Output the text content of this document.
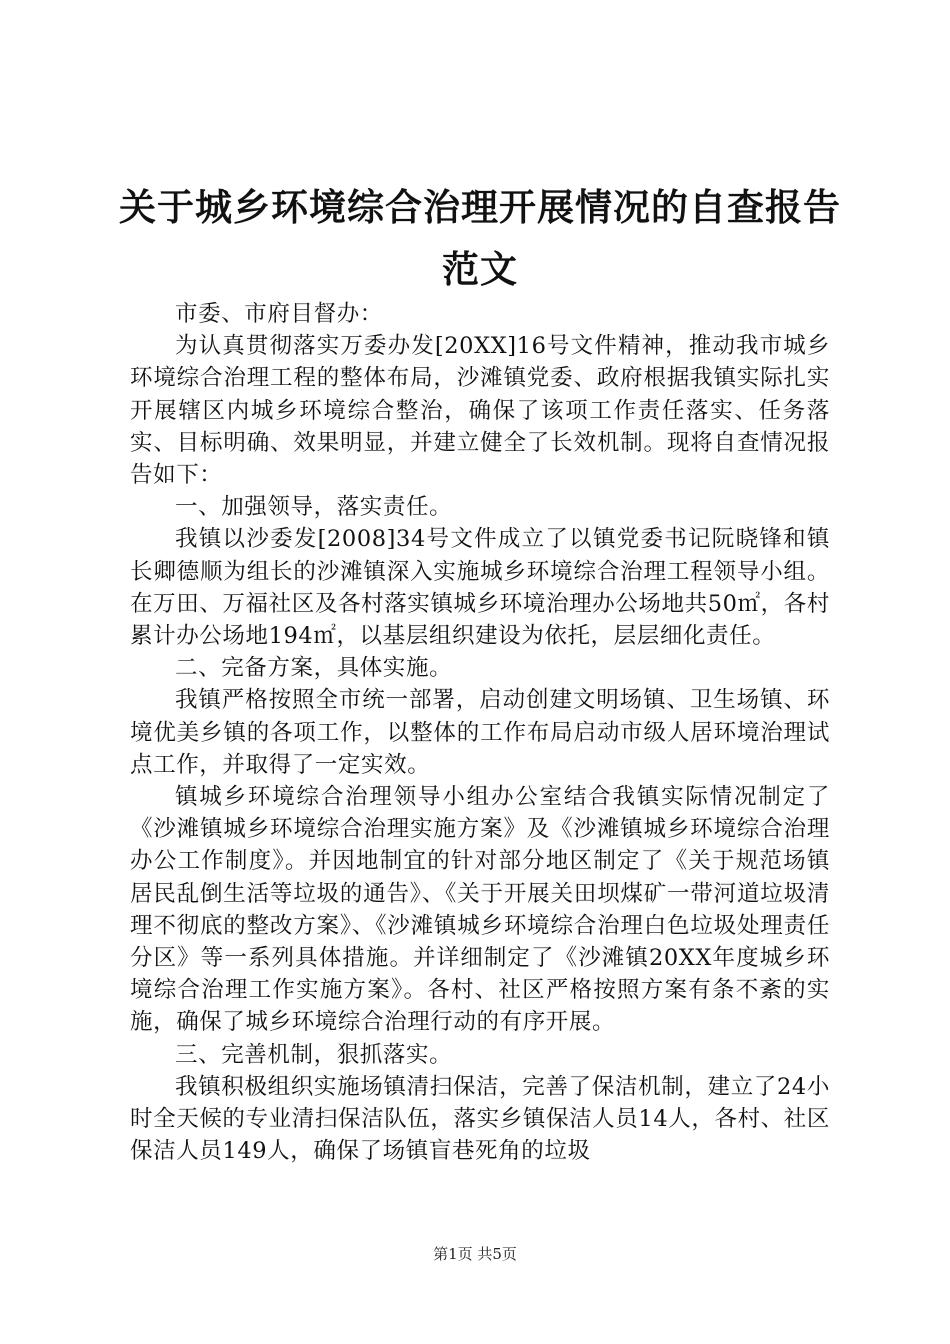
关于城乡环境综合治理开展情况的自查报告范文

市委、市府目督办：

为认真贯彻落实万委办发[20XX]16号文件精神，推动我市城乡环境综合治理工程的整体布局，沙滩镇党委、政府根据我镇实际扎实开展辖区内城乡环境综合整治，确保了该项工作责任落实、任务落实、目标明确、效果明显，并建立健全了长效机制。现将自查情况报告如下：

一、加强领导，落实责任。

我镇以沙委发[2008]34号文件成立了以镇党委书记阮晓锋和镇长卿德顺为组长的沙滩镇深入实施城乡环境综合治理工程领导小组。在万田、万福社区及各村落实镇城乡环境治理办公场地共50㎡，各村累计办公场地194㎡，以基层组织建设为依托，层层细化责任。

二、完备方案，具体实施。

我镇严格按照全市统一部署，启动创建文明场镇、卫生场镇、环境优美乡镇的各项工作，以整体的工作布局启动市级人居环境治理试点工作，并取得了一定实效。

镇城乡环境综合治理领导小组办公室结合我镇实际情况制定了《沙滩镇城乡环境综合治理实施方案》及《沙滩镇城乡环境综合治理办公工作制度》。并因地制宜的针对部分地区制定了《关于规范场镇居民乱倒生活等垃圾的通告》、《关于开展关田坝煤矿一带河道垃圾清理不彻底的整改方案》、《沙滩镇城乡环境综合治理白色垃圾处理责任分区》等一系列具体措施。并详细制定了《沙滩镇20XX年度城乡环境综合治理工作实施方案》。各村、社区严格按照方案有条不紊的实施，确保了城乡环境综合治理行动的有序开展。

三、完善机制，狠抓落实。

我镇积极组织实施场镇清扫保洁，完善了保洁机制，建立了24小时全天候的专业清扫保洁队伍，落实乡镇保洁人员14人，各村、社区保洁人员149人，确保了场镇盲巷死角的垃圾

第1页 共5页
